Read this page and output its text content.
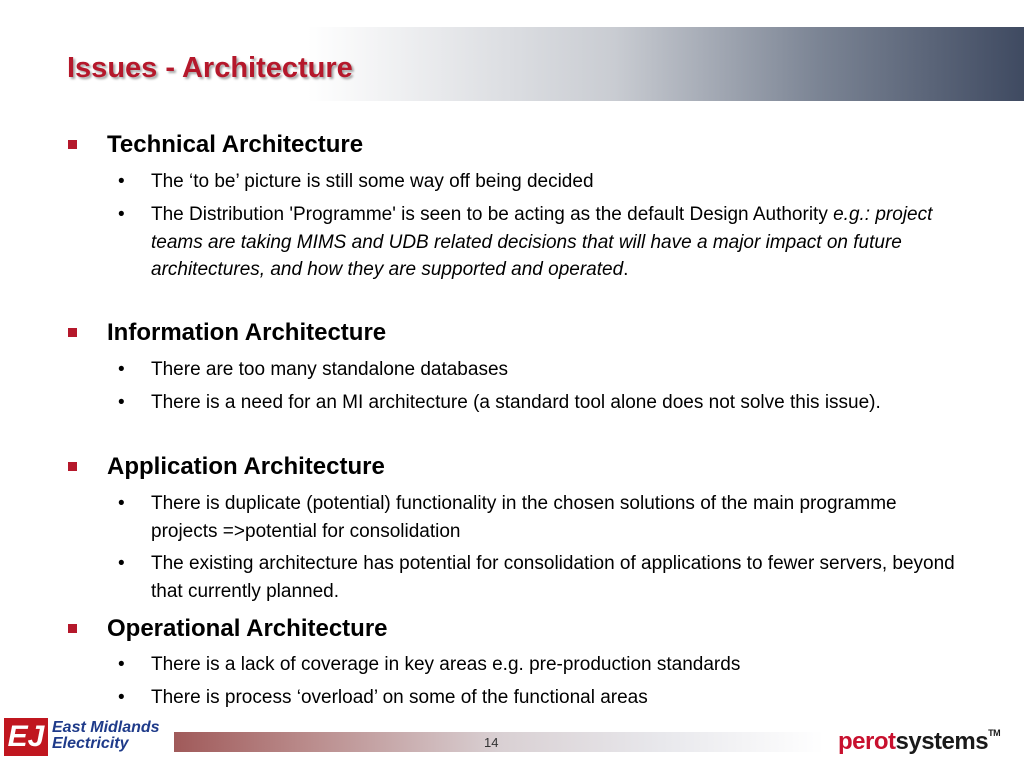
Issues - Architecture
Technical Architecture
• The ‘to be’ picture is still some way off being decided
• The Distribution 'Programme' is seen to be acting as the default Design Authority e.g.: project teams are taking MIMS and UDB related decisions that will have a major impact on future architectures, and how they are supported and operated.
Information Architecture
• There are too many standalone databases
• There is a need for an MI architecture (a standard tool alone does not solve this issue).
Application Architecture
• There is duplicate (potential) functionality in the chosen solutions of the main programme projects =>potential for consolidation
• The existing architecture has potential for consolidation of applications to fewer servers, beyond that currently planned.
Operational Architecture
• There is a lack of coverage in key areas e.g. pre-production standards
• There is process ‘overload’ on some of the functional areas
EJ East Midlands
Electricity	14	perotsystems™
